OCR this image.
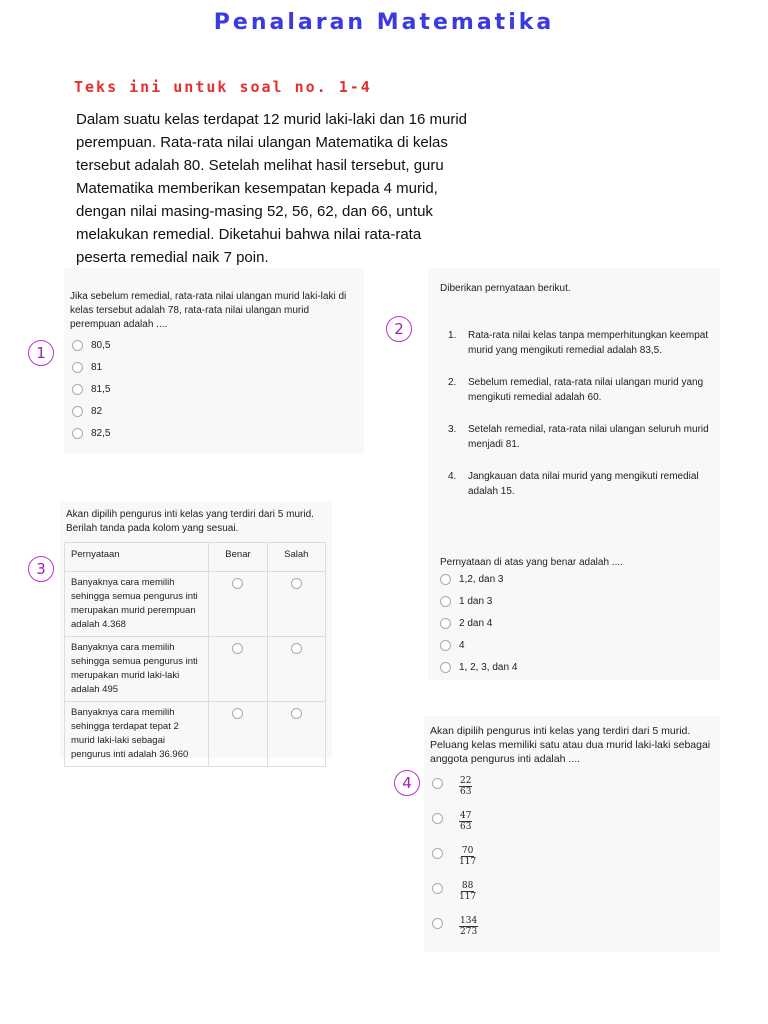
Penalaran Matematika
Teks ini untuk soal no. 1-4
Dalam suatu kelas terdapat 12 murid laki-laki dan 16 murid perempuan. Rata-rata nilai ulangan Matematika di kelas tersebut adalah 80. Setelah melihat hasil tersebut, guru Matematika memberikan kesempatan kepada 4 murid, dengan nilai masing-masing 52, 56, 62, dan 66, untuk melakukan remedial. Diketahui bahwa nilai rata-rata peserta remedial naik 7 poin.
Jika sebelum remedial, rata-rata nilai ulangan murid laki-laki di kelas tersebut adalah 78, rata-rata nilai ulangan murid perempuan adalah ....
1	80,5
81
81,5
82
82,5
Diberikan pernyataan berikut.
2	1.	Rata-rata nilai kelas tanpa memperhitungkan keempat murid yang mengikuti remedial adalah 83,5.
2.	Sebelum remedial, rata-rata nilai ulangan murid yang mengikuti remedial adalah 60.
3.	Setelah remedial, rata-rata nilai ulangan seluruh murid menjadi 81.
4.	Jangkauan data nilai murid yang mengikuti remedial adalah 15.
Pernyataan di atas yang benar adalah ....
1,2, dan 3
1 dan 3
2 dan 4
4
1, 2, 3, dan 4
Akan dipilih pengurus inti kelas yang terdiri dari 5 murid. Berilah tanda pada kolom yang sesuai.
3
Pernyataan	Benar	Salah
Banyaknya cara memilih sehingga semua pengurus inti merupakan murid perempuan adalah 4.368		
Banyaknya cara memilih sehingga semua pengurus inti merupakan murid laki-laki adalah 495		
Banyaknya cara memilih sehingga terdapat tepat 2 murid laki-laki sebagai pengurus inti adalah 36.960		
Akan dipilih pengurus inti kelas yang terdiri dari 5 murid. Peluang kelas memiliki satu atau dua murid laki-laki sebagai anggota pengurus inti adalah ....
4	$\frac{22}{63}$
$\frac{47}{63}$
$\frac{70}{117}$
$\frac{88}{117}$
$\frac{134}{273}$
